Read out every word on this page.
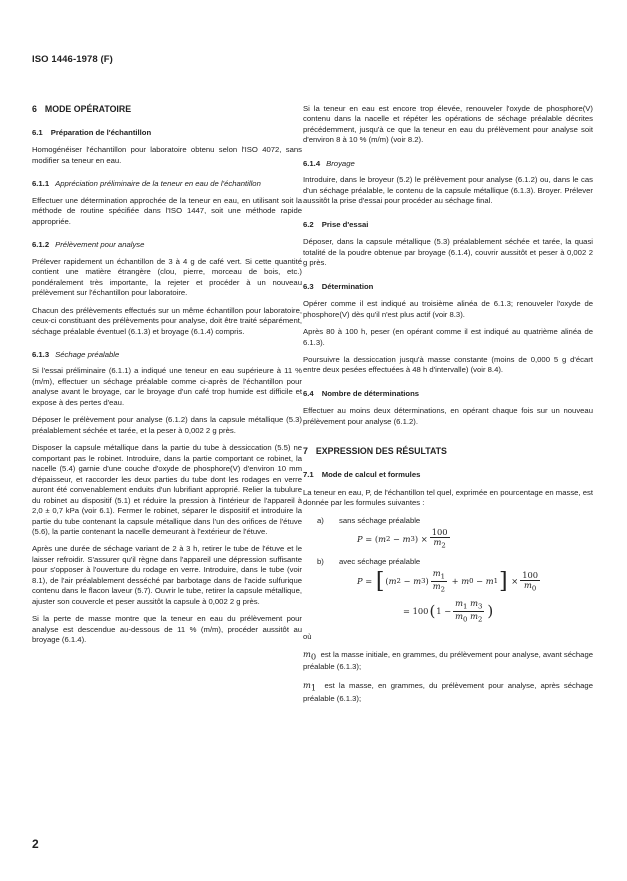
ISO 1446-1978 (F)
6 MODE OPÉRATOIRE
6.1 Préparation de l'échantillon

Homogénéiser l'échantillon pour laboratoire obtenu selon l'ISO 4072, sans modifier sa teneur en eau.

6.1.1 Appréciation préliminaire de la teneur en eau de l'échantillon

Effectuer une détermination approchée de la teneur en eau, en utilisant soit la méthode de routine spécifiée dans l'ISO 1447, soit une méthode rapide appropriée.

6.1.2 Prélèvement pour analyse

Prélever rapidement un échantillon de 3 à 4 g de café vert. Si cette quantité contient une matière étrangère (clou, pierre, morceau de bois, etc.) pondéralement très importante, la rejeter et procéder à un nouveau prélèvement sur l'échantillon pour laboratoire.

Chacun des prélèvements effectués sur un même échantillon pour laboratoire, ceux-ci constituant des prélèvements pour analyse, doit être traité séparément, séchage préalable éventuel (6.1.3) et broyage (6.1.4) compris.

6.1.3 Séchage préalable

Si l'essai préliminaire (6.1.1) a indiqué une teneur en eau supérieure à 11 % (m/m), effectuer un séchage préalable comme ci-après de l'échantillon pour analyse avant le broyage, car le broyage d'un café trop humide est difficile et expose à des pertes d'eau.

Déposer le prélèvement pour analyse (6.1.2) dans la capsule métallique (5.3) préalablement séchée et tarée, et la peser à 0,002 2 g près.

Disposer la capsule métallique dans la partie du tube à dessiccation (5.5) ne comportant pas le robinet. Introduire, dans la partie comportant ce robinet, la nacelle (5.4) garnie d'une couche d'oxyde de phosphore(V) d'environ 10 mm d'épaisseur, et raccorder les deux parties du tube dont les rodages en verre auront été convenablement enduits d'un lubrifiant approprié. Relier la tubulure du robinet au dispositif (5.1) et réduire la pression à l'intérieur de l'appareil à 2,0 ± 0,7 kPa (voir 6.1). Fermer le robinet, séparer le dispositif et introduire la partie du tube contenant la capsule métallique dans l'un des orifices de l'étuve (5.6), la partie contenant la nacelle demeurant à l'extérieur de l'étuve.

Après une durée de séchage variant de 2 à 3 h, retirer le tube de l'étuve et le laisser refroidir. S'assurer qu'il règne dans l'appareil une dépression suffisante pour s'opposer à l'ouverture du rodage en verre. Introduire, dans le tube (voir 8.1), de l'air préalablement desséché par barbotage dans de l'acide sulfurique contenu dans le flacon laveur (5.7). Ouvrir le tube, retirer la capsule métallique, ajuster son couvercle et peser aussitôt la capsule à 0,002 2 g près.

Si la perte de masse montre que la teneur en eau du prélèvement pour analyse est descendue au-dessous de 11 % (m/m), procéder aussitôt au broyage (6.1.4).

Si la teneur en eau est encore trop élevée, renouveler l'oxyde de phosphore(V) contenu dans la nacelle et répéter les opérations de séchage préalable décrites précédemment, jusqu'à ce que la teneur en eau du prélèvement pour analyse soit d'environ 8 à 10 % (m/m) (voir 8.2).

6.1.4 Broyage

Introduire, dans le broyeur (5.2) le prélèvement pour analyse (6.1.2) ou, dans le cas d'un séchage préalable, le contenu de la capsule métallique (6.1.3). Broyer. Prélever aussitôt la prise d'essai pour procéder au séchage final.

6.2 Prise d'essai

Déposer, dans la capsule métallique (5.3) préalablement séchée et tarée, la quasi totalité de la poudre obtenue par broyage (6.1.4), couvrir aussitôt et peser à 0,002 2 g près.

6.3 Détermination

Opérer comme il est indiqué au troisième alinéa de 6.1.3; renouveler l'oxyde de phosphore(V) dès qu'il n'est plus actif (voir 8.3).

Après 80 à 100 h, peser (en opérant comme il est indiqué au quatrième alinéa de 6.1.3).

Poursuivre la dessiccation jusqu'à masse constante (moins de 0,000 5 g d'écart entre deux pesées effectuées à 48 h d'intervalle) (voir 8.4).

6.4 Nombre de déterminations

Effectuer au moins deux déterminations, en opérant chaque fois sur un nouveau prélèvement pour analyse (6.1.2).

7 EXPRESSION DES RÉSULTATS
7.1 Mode de calcul et formules

La teneur en eau, P, de l'échantillon tel quel, exprimée en pourcentage en masse, est donnée par les formules suivantes :

a) sans séchage préalable
P
= ( m 2
−
m 3 ) × $\frac{100}{m_2}$
b) avec séchage préalable
P
=
[ ( m 2
−
m 3 ) $\frac{m_1}{m_2}$
+
m 0
−
m 1 ]
× $\frac{100}{m_0}$
=
100 ( 1
− $\frac{m_1 m_3}{m_0 m_2}$ )
où

$m_0$ est la masse initiale, en grammes, du prélèvement pour analyse, avant séchage préalable (6.1.3);

$m_1$ est la masse, en grammes, du prélèvement pour analyse, après séchage préalable (6.1.3);

2
